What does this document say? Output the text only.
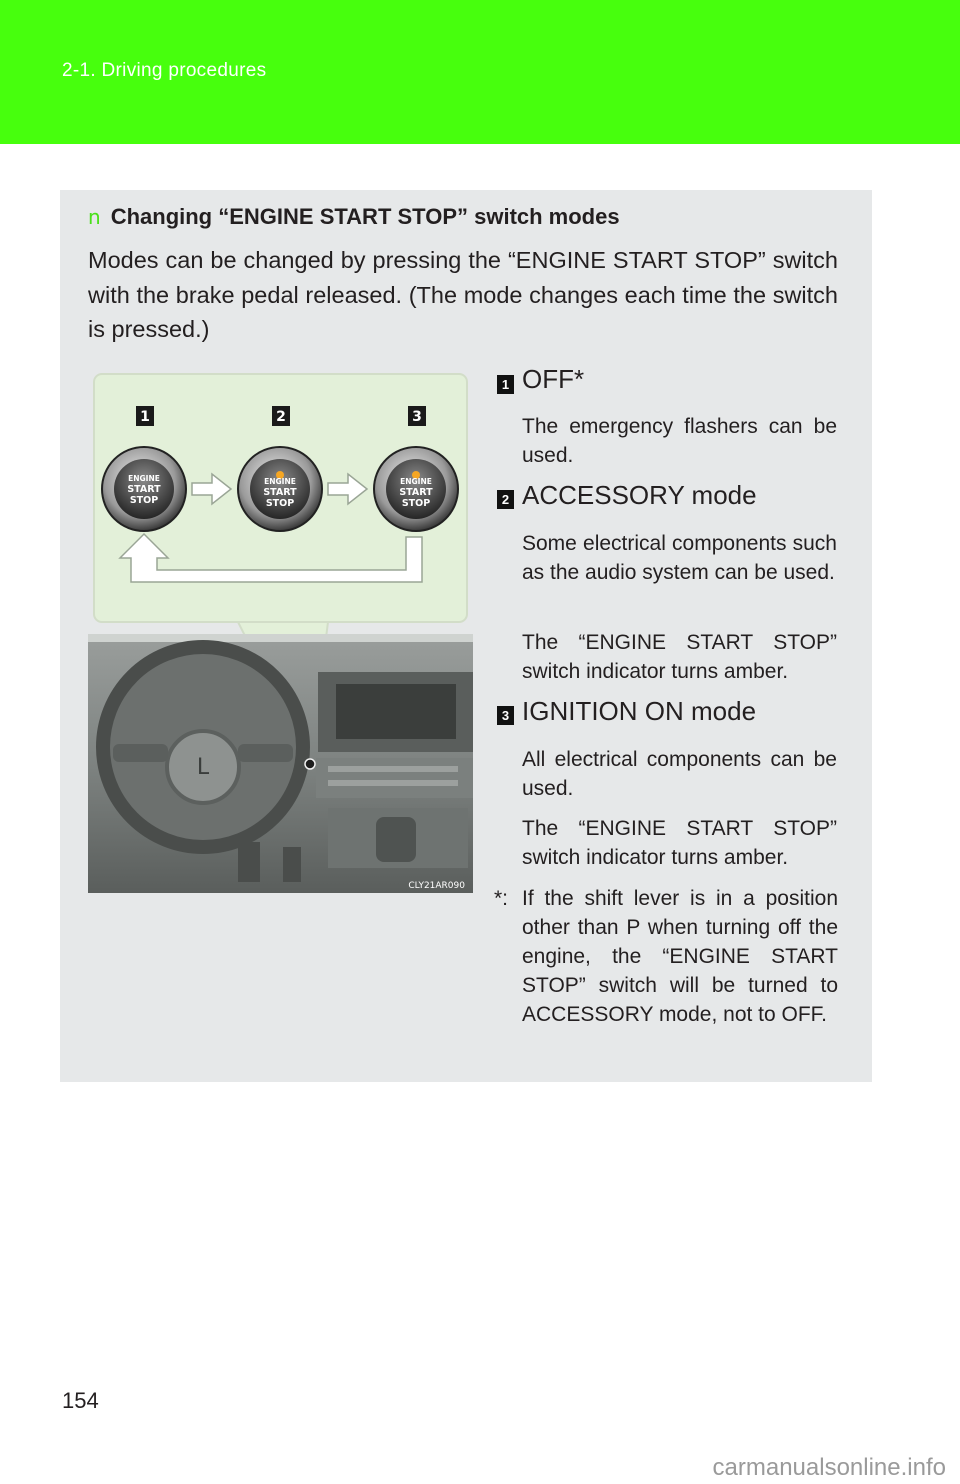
2-1. Driving procedures
n Changing “ENGINE START STOP” switch modes
Modes can be changed by pressing the “ENGINE START STOP” switch with the brake pedal released. (The mode changes each time the switch is pressed.)
L
1	2	3
ENGINE
START
STOP
ENGINE
START
STOP
ENGINE
START
STOP
CLY21AR090
1 OFF*
The emergency flashers can be used.
2 ACCESSORY mode
Some electrical components such as the audio system can be used.
The “ENGINE START STOP” switch indicator turns amber.
3 IGNITION ON mode
All electrical components can be used.
The “ENGINE START STOP” switch indicator turns amber.
*: If the shift lever is in a position other than P when turning off the engine, the “ENGINE START STOP” switch will be turned to ACCESSORY mode, not to OFF.
154
carmanualsonline.info
